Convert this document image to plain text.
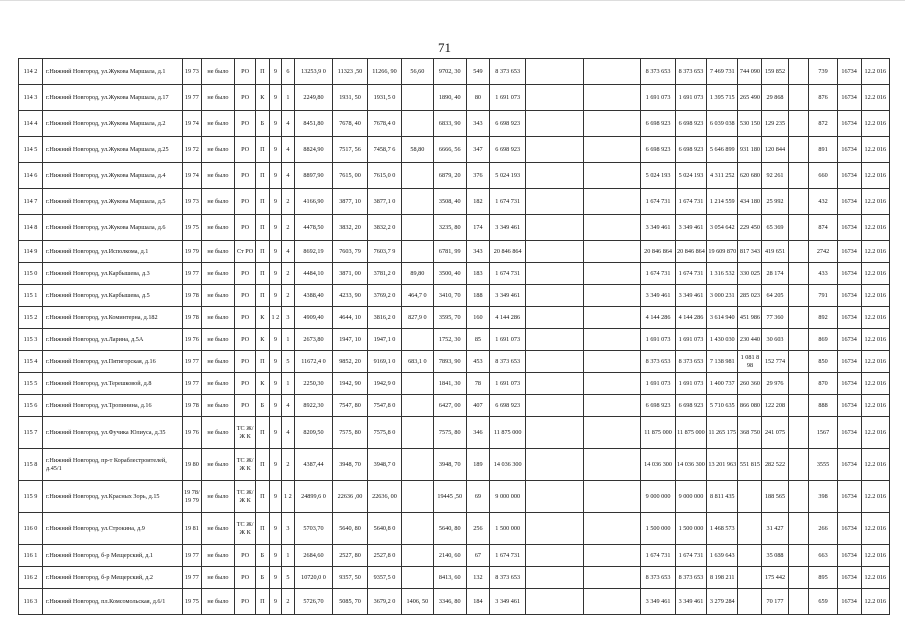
71
114 2	г.Нижний Новгород, ул.Жукова Маршала, д.1	19 73	не было	РО	П	9	6	13253,9 0	11323 ,50	11266, 90	56,60	9702, 30	549	8 373 653			8 373 653	8 373 653	7 469 731	744 090	159 852		739	16734	12.2 016
114 3	г.Нижний Новгород, ул.Жукова Маршала, д.17	19 77	не было	РО	К	9	1	2249,80	1931, 50	1931,5 0		1890, 40	80	1 691 073			1 691 073	1 691 073	1 395 715	265 490	29 868		876	16734	12.2 016
114 4	г.Нижний Новгород, ул.Жукова Маршала, д.2	19 74	не было	РО	Б	9	4	8451,80	7678, 40	7678,4 0		6833, 90	343	6 698 923			6 698 923	6 698 923	6 039 038	530 150	129 235		872	16734	12.2 016
114 5	г.Нижний Новгород, ул.Жукова Маршала, д.25	19 72	не было	РО	П	9	4	8824,90	7517, 56	7458,7 6	58,80	6666, 56	347	6 698 923			6 698 923	6 698 923	5 646 899	931 180	120 844		891	16734	12.2 016
114 6	г.Нижний Новгород, ул.Жукова Маршала, д.4	19 74	не было	РО	П	9	4	8897,90	7615, 00	7615,0 0		6879, 20	376	5 024 193			5 024 193	5 024 193	4 311 252	620 680	92 261		660	16734	12.2 016
114 7	г.Нижний Новгород, ул.Жукова Маршала, д.5	19 73	не было	РО	П	9	2	4166,90	3877, 10	3877,1 0		3508, 40	182	1 674 731			1 674 731	1 674 731	1 214 559	434 180	25 992		432	16734	12.2 016
114 8	г.Нижний Новгород, ул.Жукова Маршала, д.6	19 75	не было	РО	П	9	2	4478,50	3832, 20	3832,2 0		3235, 80	174	3 349 461			3 349 461	3 349 461	3 054 642	229 450	65 369		874	16734	12.2 016
114 9	г.Нижний Новгород, ул.Исполкома, д.1	19 79	не было	Ст РО	П	9	4	8692,19	7603, 79	7603,7 9		6781, 99	343	20 846 864			20 846 864	20 846 864	19 609 870	817 343	419 651		2742	16734	12.2 016
115 0	г.Нижний Новгород, ул.Карбышева, д.3	19 77	не было	РО	П	9	2	4484,10	3871, 00	3781,2 0	89,80	3500, 40	183	1 674 731			1 674 731	1 674 731	1 316 532	330 025	28 174		433	16734	12.2 016
115 1	г.Нижний Новгород, ул.Карбышева, д.5	19 78	не было	РО	П	9	2	4388,40	4233, 90	3769,2 0	464,7 0	3410, 70	188	3 349 461			3 349 461	3 349 461	3 000 231	285 023	64 205		791	16734	12.2 016
115 2	г.Нижний Новгород, ул.Коминтерна, д.182	19 78	не было	РО	К	1 2	3	4909,40	4644, 10	3816,2 0	827,9 0	3595, 70	160	4 144 286			4 144 286	4 144 286	3 614 940	451 986	77 360		892	16734	12.2 016
115 3	г.Нижний Новгород, ул.Ларина, д.5А	19 76	не было	РО	К	9	1	2673,80	1947, 10	1947,1 0		1752, 30	85	1 691 073			1 691 073	1 691 073	1 430 030	230 440	30 603		869	16734	12.2 016
115 4	г.Нижний Новгород, ул.Пятигорская, д.16	19 77	не было	РО	П	9	5	11672,4 0	9852, 20	9169,1 0	683,1 0	7893, 90	453	8 373 653			8 373 653	8 373 653	7 138 981	1 081 898	152 774		850	16734	12.2 016
115 5	г.Нижний Новгород, ул.Терешковой, д.8	19 77	не было	РО	К	9	1	2250,30	1942, 90	1942,9 0		1841, 30	78	1 691 073			1 691 073	1 691 073	1 400 737	260 360	29 976		870	16734	12.2 016
115 6	г.Нижний Новгород, ул.Тропинина, д.16	19 78	не было	РО	Б	9	4	8922,30	7547, 80	7547,8 0		6427, 00	407	6 698 923			6 698 923	6 698 923	5 710 635	866 080	122 208		888	16734	12.2 016
115 7	г.Нижний Новгород, ул.Фучика Юлиуса, д.35	19 76	не было	ТС Ж/ Ж К	П	9	4	8209,50	7575, 80	7575,8 0		7575, 80	346	11 875 000			11 875 000	11 875 000	11 265 175	368 750	241 075		1567	16734	12.2 016
115 8	г.Нижний Новгород, пр-т Кораблестроителей, д.45/1	19 80	не было	ТС Ж/ Ж К	П	9	2	4387,44	3948, 70	3948,7 0		3948, 70	189	14 036 300			14 036 300	14 036 300	13 201 963	551 815	282 522		3555	16734	12.2 016
115 9	г.Нижний Новгород, ул.Красных Зорь, д.15	19 78/ 19 79	не было	ТС Ж/ Ж К	П	9	1 2	24899,6 0	22636 ,00	22636, 00		19445 ,50	69	9 000 000			9 000 000	9 000 000	8 811 435		188 565		398	16734	12.2 016
116 0	г.Нижний Новгород, ул.Строкина, д.9	19 81	не было	ТС Ж/ Ж К	П	9	3	5703,70	5640, 80	5640,8 0		5640, 80	256	1 500 000			1 500 000	1 500 000	1 468 573		31 427		266	16734	12.2 016
116 1	г.Нижний Новгород, б-р Мещерский, д.1	19 77	не было	РО	Б	9	1	2684,60	2527, 80	2527,8 0		2140, 60	67	1 674 731			1 674 731	1 674 731	1 639 643		35 088		663	16734	12.2 016
116 2	г.Нижний Новгород, б-р Мещерский, д.2	19 77	не было	РО	Б	9	5	10720,0 0	9357, 50	9357,5 0		8413, 60	132	8 373 653			8 373 653	8 373 653	8 198 211		175 442		895	16734	12.2 016
116 3	г.Нижний Новгород, пл.Комсомольская, д.6/1	19 75	не было	РО	П	9	2	5726,70	5085, 70	3679,2 0	1406, 50	3346, 80	184	3 349 461			3 349 461	3 349 461	3 279 284		70 177		659	16734	12.2 016
